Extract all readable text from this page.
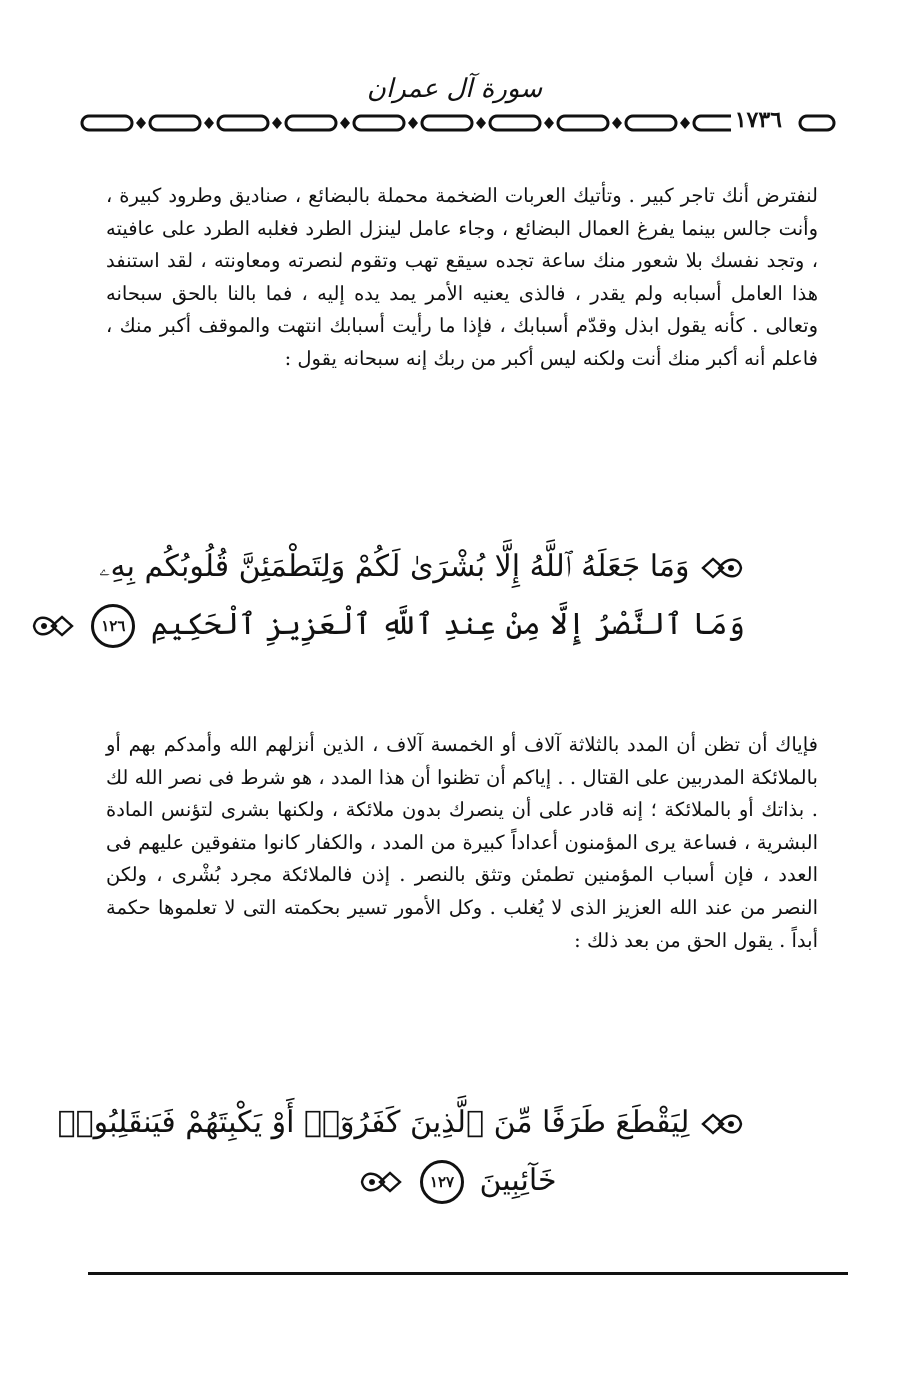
سورة آل عمران
١٧٣٦

لنفترض أنك تاجر كبير . وتأتيك العربات الضخمة محملة بالبضائع ، صناديق وطرود كبيرة ، وأنت جالس بينما يفرغ العمال البضائع ، وجاء عامل لينزل الطرد فغلبه الطرد على عافيته ، وتجد نفسك بلا شعور منك ساعة تجده سيقع تهب وتقوم لنصرته ومعاونته ، لقد استنفد هذا العامل أسبابه ولم يقدر ، فالذى يعنيه الأمر يمد يده إليه ، فما بالنا بالحق سبحانه وتعالى . كأنه يقول ابذل وقدّم أسبابك ، فإذا ما رأيت أسبابك انتهت والموقف أكبر منك ، فاعلم أنه أكبر منك أنت ولكنه ليس أكبر من ربك إنه سبحانه يقول :

وَمَا جَعَلَهُ ٱللَّهُ إِلَّا بُشْرَىٰ لَكُمْ وَلِتَطْمَئِنَّ قُلُوبُكُم بِهِۦ
وَمَا ٱلنَّصْرُ إِلَّا مِنْ عِندِ ٱللَّهِ ٱلْعَزِيزِ ٱلْحَكِيمِ ١٢٦

فإياك أن تظن أن المدد بالثلاثة آلاف أو الخمسة آلاف ، الذين أنزلهم الله وأمدكم بهم أو بالملائكة المدربين على القتال . . إياكم أن تظنوا أن هذا المدد ، هو شرط فى نصر الله لك . بذاتك أو بالملائكة ؛ إنه قادر على أن ينصرك بدون ملائكة ، ولكنها بشرى لتؤنس المادة البشرية ، فساعة يرى المؤمنون أعداداً كبيرة من المدد ، والكفار كانوا متفوقين عليهم فى العدد ، فإن أسباب المؤمنين تطمئن وتثق بالنصر . إذن فالملائكة مجرد بُشْرى ، ولكن النصر من عند الله العزيز الذى لا يُغلب . وكل الأمور تسير بحكمته التى لا تعلموها حكمة أبداً . يقول الحق من بعد ذلك :

لِيَقْطَعَ طَرَفًا مِّنَ ٱلَّذِينَ كَفَرُوٓا۟ أَوْ يَكْبِتَهُمْ فَيَنقَلِبُوا۟
خَآئِبِينَ ١٢٧
